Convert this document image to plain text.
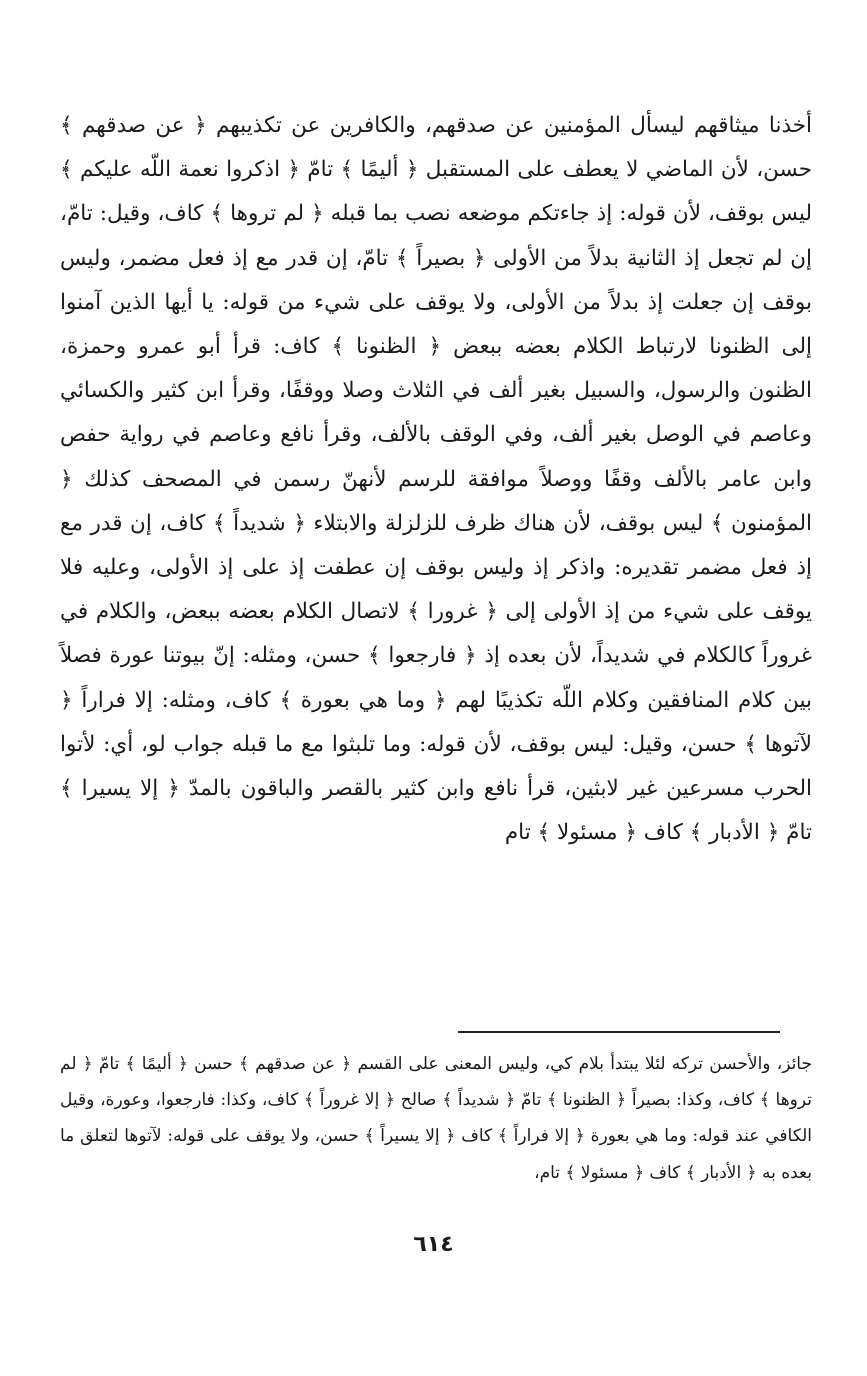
أخذنا ميثاقهم ليسأل المؤمنين عن صدقهم، والكافرين عن تكذيبهم ﴿ عن صدقهم ﴾ حسن، لأن الماضي لا يعطف على المستقبل ﴿ أليمًا ﴾ تامّ ﴿ اذكروا نعمة اللّه عليكم ﴾ ليس بوقف، لأن قوله: إذ جاءتكم موضعه نصب بما قبله ﴿ لم تروها ﴾ كاف، وقيل: تامّ، إن لم تجعل إذ الثانية بدلاً من الأولى ﴿ بصيراً ﴾ تامّ، إن قدر مع إذ فعل مضمر، وليس بوقف إن جعلت إذ بدلاً من الأولى، ولا يوقف على شيء من قوله: يا أيها الذين آمنوا إلى الظنونا لارتباط الكلام بعضه ببعض ﴿ الظنونا ﴾ كاف: قرأ أبو عمرو وحمزة، الظنون والرسول، والسبيل بغير ألف في الثلاث وصلا ووقفًا، وقرأ ابن كثير والكسائي وعاصم في الوصل بغير ألف، وفي الوقف بالألف، وقرأ نافع وعاصم في رواية حفص وابن عامر بالألف وقفًا ووصلاً موافقة للرسم لأنهنّ رسمن في المصحف كذلك ﴿ المؤمنون ﴾ ليس بوقف، لأن هناك ظرف للزلزلة والابتلاء ﴿ شديداً ﴾ كاف، إن قدر مع إذ فعل مضمر تقديره: واذكر إذ وليس بوقف إن عطفت إذ على إذ الأولى، وعليه فلا يوقف على شيء من إذ الأولى إلى ﴿ غرورا ﴾ لاتصال الكلام بعضه ببعض، والكلام في غروراً كالكلام في شديداً، لأن بعده إذ ﴿ فارجعوا ﴾ حسن، ومثله: إنّ بيوتنا عورة فصلاً بين كلام المنافقين وكلام اللّه تكذيبًا لهم ﴿ وما هي بعورة ﴾ كاف، ومثله: إلا فراراً ﴿ لآتوها ﴾ حسن، وقيل: ليس بوقف، لأن قوله: وما تلبثوا مع ما قبله جواب لو، أي: لأتوا الحرب مسرعين غير لابثين، قرأ نافع وابن كثير بالقصر والباقون بالمدّ ﴿ إلا يسيرا ﴾ تامّ ﴿ الأدبار ﴾ كاف ﴿ مسئولا ﴾ تام

جائز، والأحسن تركه لئلا يبتدأ بلام كي، وليس المعنى على القسم ﴿ عن صدقهم ﴾ حسن ﴿ أليمًا ﴾ تامّ ﴿ لم تروها ﴾ كاف، وكذا: بصيراً ﴿ الظنونا ﴾ تامّ ﴿ شديداً ﴾ صالح ﴿ إلا غروراً ﴾ كاف، وكذا: فارجعوا، وعورة، وقيل الكافي عند قوله: وما هي بعورة ﴿ إلا فراراً ﴾ كاف ﴿ إلا يسيراً ﴾ حسن، ولا يوقف على قوله: لآتوها لتعلق ما بعده به ﴿ الأدبار ﴾ كاف ﴿ مسئولا ﴾ تام،

٦١٤
